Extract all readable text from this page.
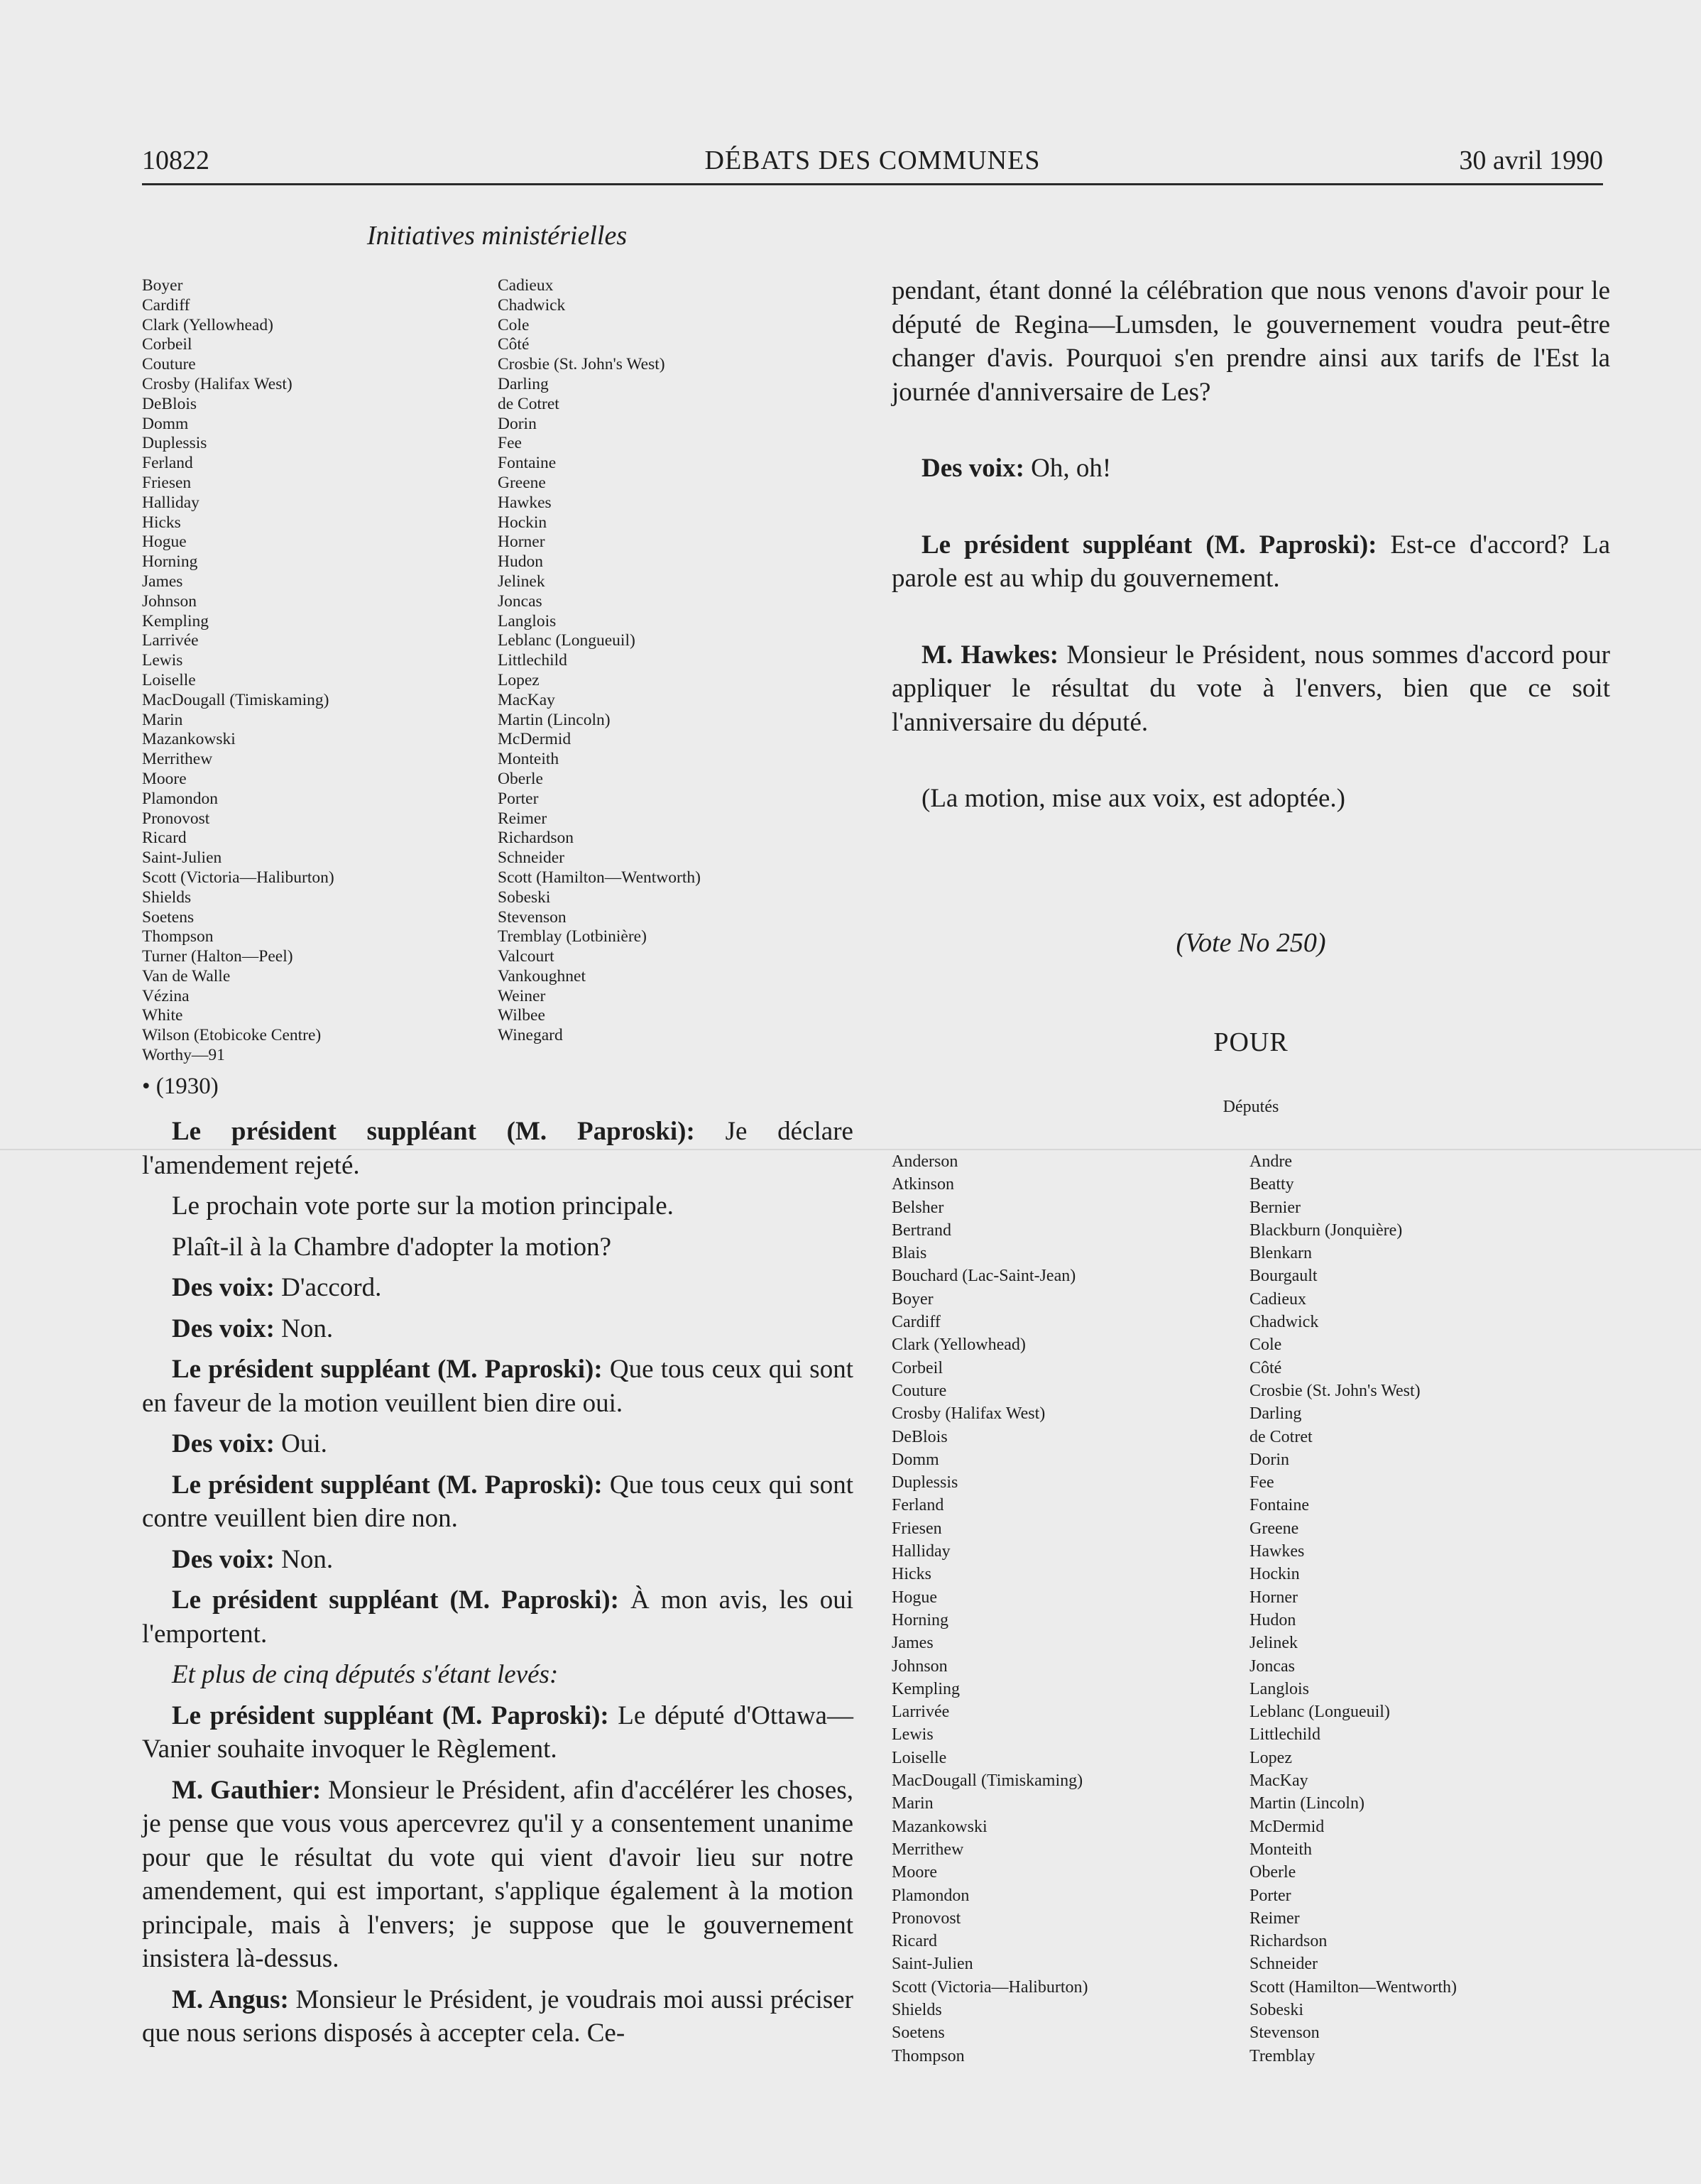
10822	DÉBATS DES COMMUNES	30 avril 1990
Initiatives ministérielles
Boyer
Cardiff
Clark (Yellowhead)
Corbeil
Couture
Crosby (Halifax West)
DeBlois
Domm
Duplessis
Ferland
Friesen
Halliday
Hicks
Hogue
Horning
James
Johnson
Kempling
Larrivée
Lewis
Loiselle
MacDougall (Timiskaming)
Marin
Mazankowski
Merrithew
Moore
Plamondon
Pronovost
Ricard
Saint-Julien
Scott (Victoria—Haliburton)
Shields
Soetens
Thompson
Turner (Halton—Peel)
Van de Walle
Vézina
White
Wilson (Etobicoke Centre)
Worthy—91
Cadieux
Chadwick
Cole
Côté
Crosbie (St. John's West)
Darling
de Cotret
Dorin
Fee
Fontaine
Greene
Hawkes
Hockin
Horner
Hudon
Jelinek
Joncas
Langlois
Leblanc (Longueuil)
Littlechild
Lopez
MacKay
Martin (Lincoln)
McDermid
Monteith
Oberle
Porter
Reimer
Richardson
Schneider
Scott (Hamilton—Wentworth)
Sobeski
Stevenson
Tremblay (Lotbinière)
Valcourt
Vankoughnet
Weiner
Wilbee
Winegard
• (1930)

Le président suppléant (M. Paproski): Je déclare l'amendement rejeté.

Le prochain vote porte sur la motion principale.

Plaît-il à la Chambre d'adopter la motion?

Des voix: D'accord.

Des voix: Non.

Le président suppléant (M. Paproski): Que tous ceux qui sont en faveur de la motion veuillent bien dire oui.

Des voix: Oui.

Le président suppléant (M. Paproski): Que tous ceux qui sont contre veuillent bien dire non.

Des voix: Non.

Le président suppléant (M. Paproski): À mon avis, les oui l'emportent.

Et plus de cinq députés s'étant levés:

Le président suppléant (M. Paproski): Le député d'Ottawa—Vanier souhaite invoquer le Règlement.

M. Gauthier: Monsieur le Président, afin d'accélérer les choses, je pense que vous vous apercevrez qu'il y a consentement unanime pour que le résultat du vote qui vient d'avoir lieu sur notre amendement, qui est important, s'applique également à la motion principale, mais à l'envers; je suppose que le gouvernement insistera là-dessus.

M. Angus: Monsieur le Président, je voudrais moi aussi préciser que nous serions disposés à accepter cela. Ce-

pendant, étant donné la célébration que nous venons d'avoir pour le député de Regina—Lumsden, le gouvernement voudra peut-être changer d'avis. Pourquoi s'en prendre ainsi aux tarifs de l'Est la journée d'anniversaire de Les?

Des voix: Oh, oh!

Le président suppléant (M. Paproski): Est-ce d'accord? La parole est au whip du gouvernement.

M. Hawkes: Monsieur le Président, nous sommes d'accord pour appliquer le résultat du vote à l'envers, bien que ce soit l'anniversaire du député.

(La motion, mise aux voix, est adoptée.)

(Vote No 250)
POUR
Députés
Anderson
Atkinson
Belsher
Bertrand
Blais
Bouchard (Lac-Saint-Jean)
Boyer
Cardiff
Clark (Yellowhead)
Corbeil
Couture
Crosby (Halifax West)
DeBlois
Domm
Duplessis
Ferland
Friesen
Halliday
Hicks
Hogue
Horning
James
Johnson
Kempling
Larrivée
Lewis
Loiselle
MacDougall (Timiskaming)
Marin
Mazankowski
Merrithew
Moore
Plamondon
Pronovost
Ricard
Saint-Julien
Scott (Victoria—Haliburton)
Shields
Soetens
Thompson
Andre
Beatty
Bernier
Blackburn (Jonquière)
Blenkarn
Bourgault
Cadieux
Chadwick
Cole
Côté
Crosbie (St. John's West)
Darling
de Cotret
Dorin
Fee
Fontaine
Greene
Hawkes
Hockin
Horner
Hudon
Jelinek
Joncas
Langlois
Leblanc (Longueuil)
Littlechild
Lopez
MacKay
Martin (Lincoln)
McDermid
Monteith
Oberle
Porter
Reimer
Richardson
Schneider
Scott (Hamilton—Wentworth)
Sobeski
Stevenson
Tremblay
